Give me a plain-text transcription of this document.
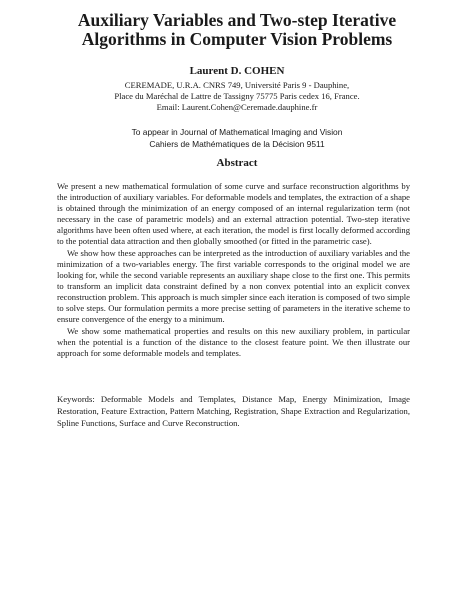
Auxiliary Variables and Two-step Iterative
Algorithms in Computer Vision Problems
Laurent D. COHEN
CEREMADE, U.R.A. CNRS 749, Université Paris 9 - Dauphine,
Place du Maréchal de Lattre de Tassigny 75775 Paris cedex 16, France.
Email: Laurent.Cohen@Ceremade.dauphine.fr
To appear in Journal of Mathematical Imaging and Vision
Cahiers de Mathématiques de la Décision 9511
Abstract

We present a new mathematical formulation of some curve and surface reconstruction algorithms by the introduction of auxiliary variables. For deformable models and templates, the extraction of a shape is obtained through the minimization of an energy composed of an internal regularization term (not necessary in the case of parametric models) and an external attraction potential. Two-step iterative algorithms have been often used where, at each iteration, the model is first locally deformed according to the potential data attraction and then globally smoothed (or fitted in the parametric case).

We show how these approaches can be interpreted as the introduction of auxiliary variables and the minimization of a two-variables energy. The first variable corresponds to the original model we are looking for, while the second variable represents an auxiliary shape close to the first one. This permits to transform an implicit data constraint defined by a non convex potential into an explicit convex reconstruction problem. This approach is much simpler since each iteration is composed of two simple to solve steps. Our formulation permits a more precise setting of parameters in the iterative scheme to ensure convergence of the energy to a minimum.

We show some mathematical properties and results on this new auxiliary problem, in particular when the potential is a function of the distance to the closest feature point. We then illustrate our approach for some deformable models and templates.

Keywords: Deformable Models and Templates, Distance Map, Energy Minimization, Image Restoration, Feature Extraction, Pattern Matching, Registration, Shape Extraction and Regularization, Spline Functions, Surface and Curve Reconstruction.
